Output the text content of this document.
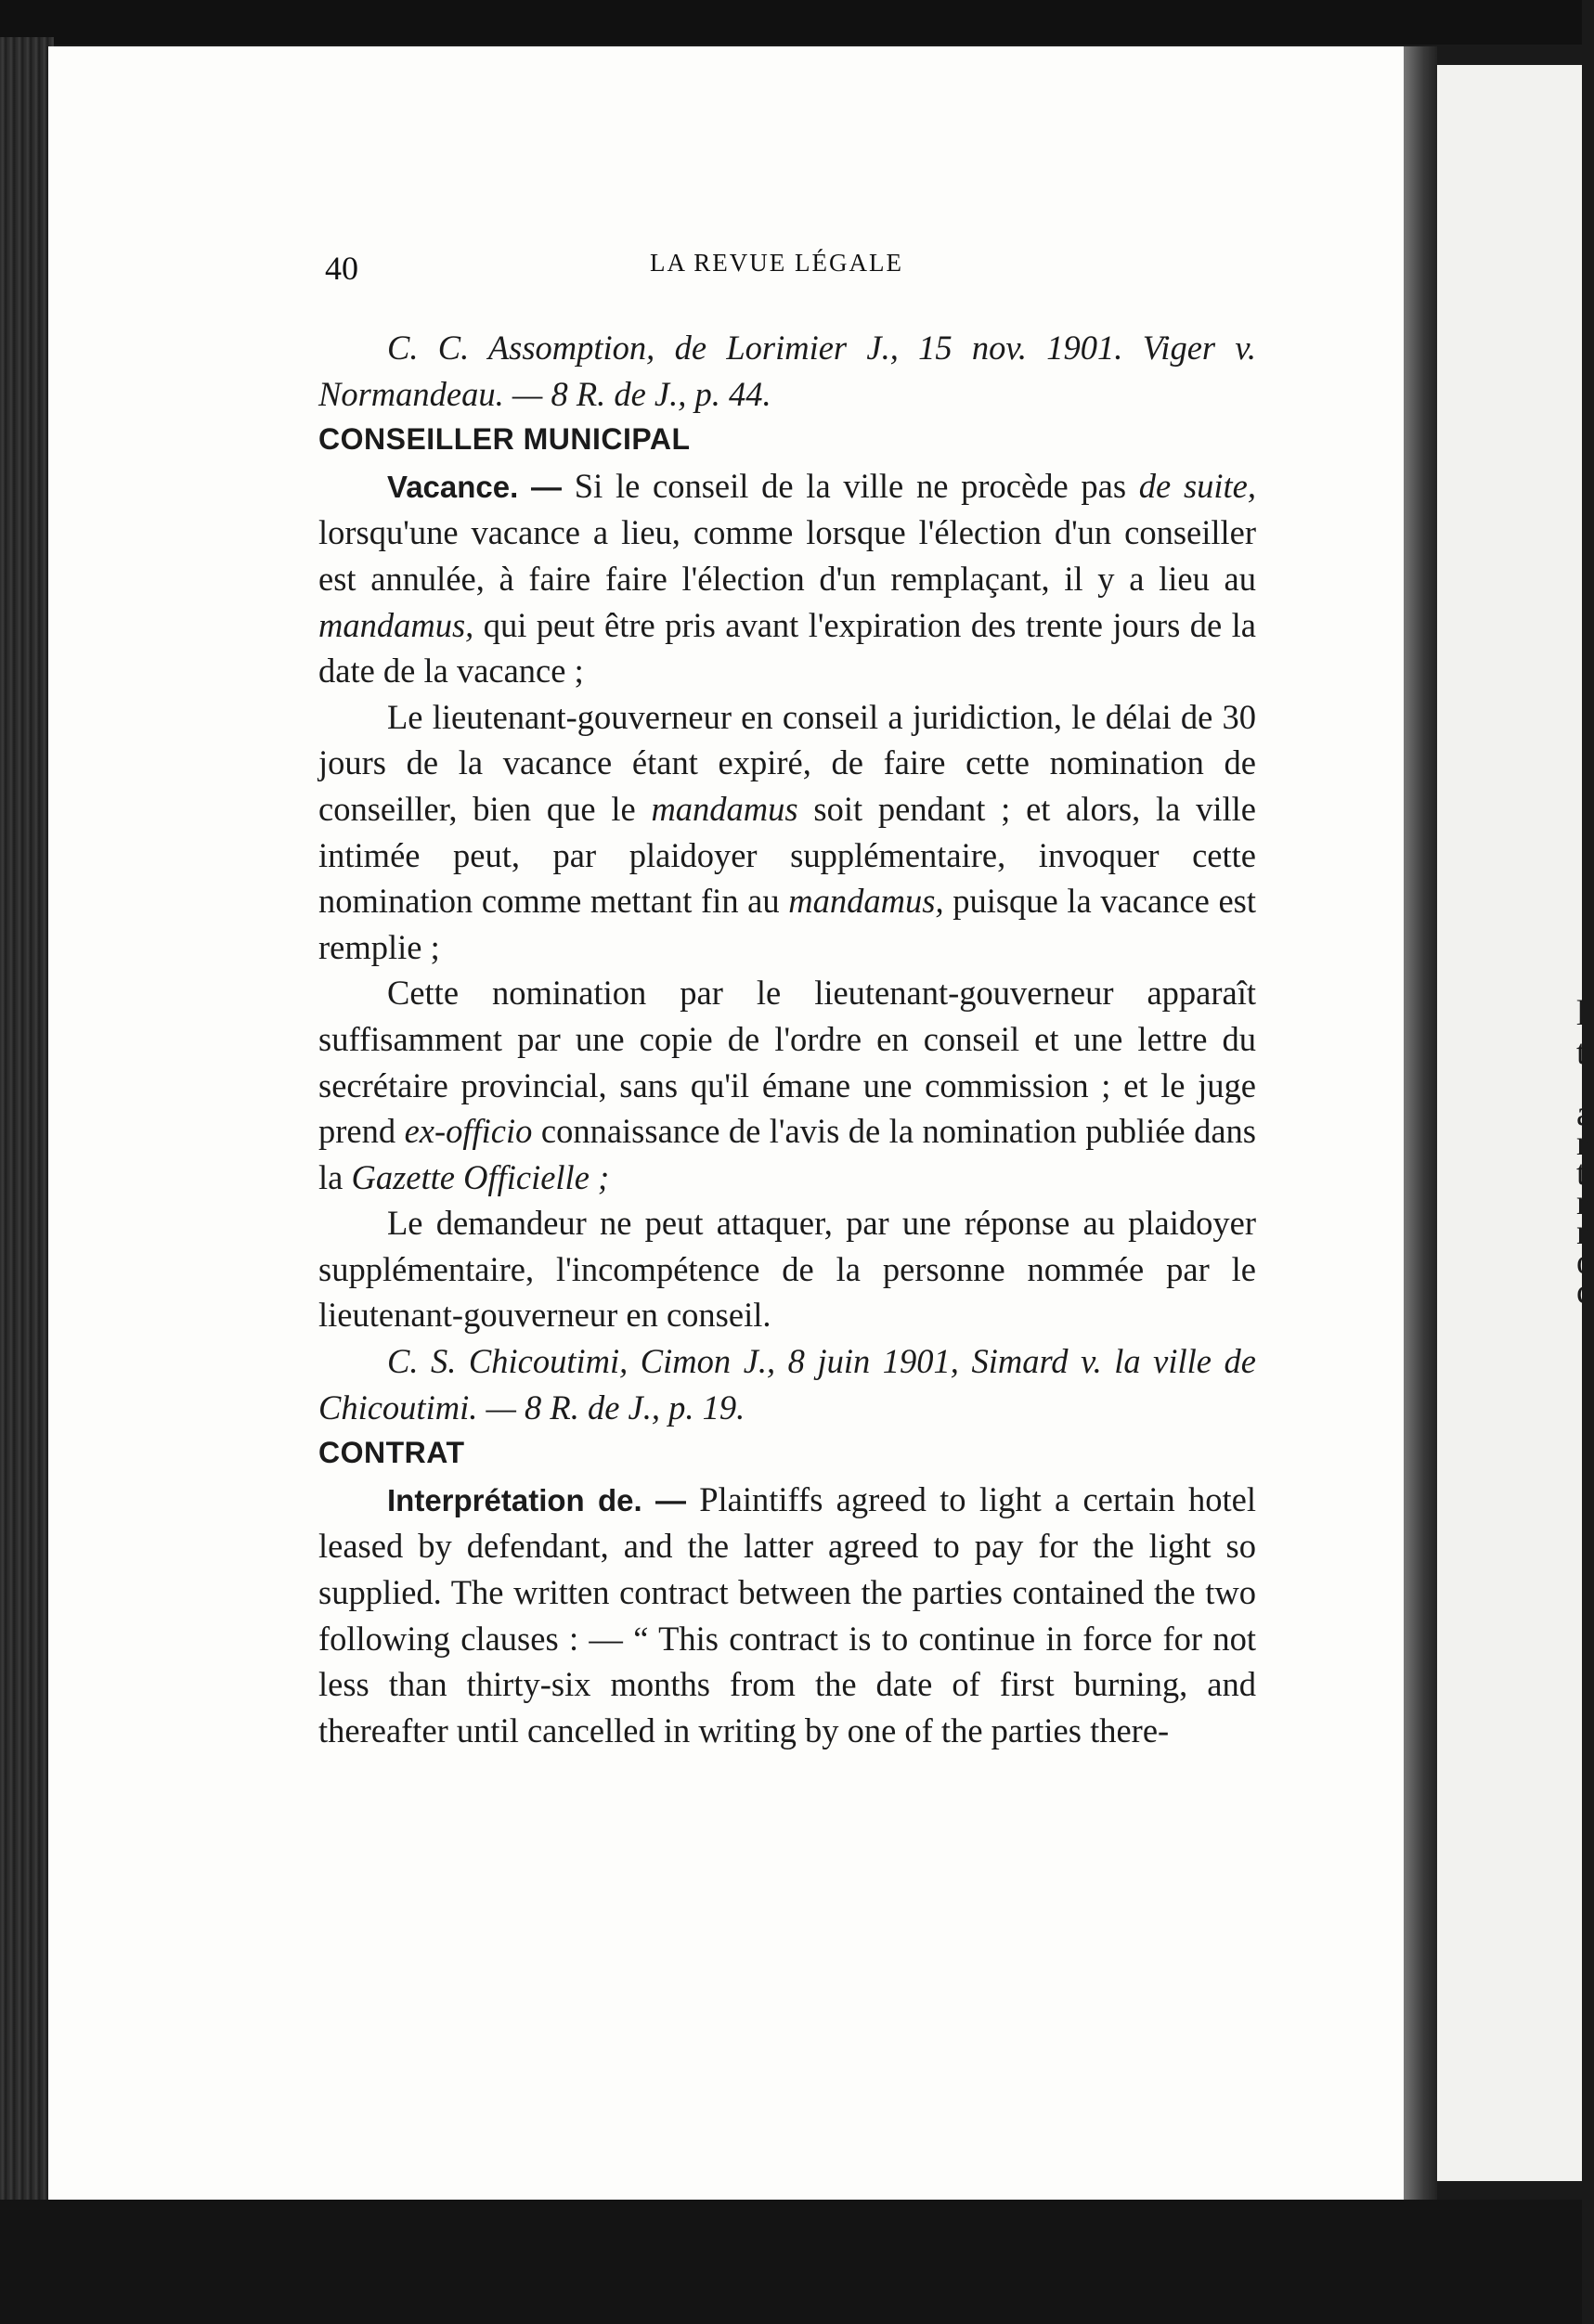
l
t
a
r
t
r
n
o
c
40	LA REVUE LÉGALE

C. C. Assomption, de Lorimier J., 15 nov. 1901. Viger v. Normandeau. — 8 R. de J., p. 44.

CONSEILLER MUNICIPAL

Vacance. — Si le conseil de la ville ne procède pas de suite, lorsqu'une vacance a lieu, comme lorsque l'élection d'un conseiller est annulée, à faire faire l'élection d'un remplaçant, il y a lieu au mandamus, qui peut être pris avant l'expiration des trente jours de la date de la vacance ;

Le lieutenant-gouverneur en conseil a juridiction, le délai de 30 jours de la vacance étant expiré, de faire cette nomination de conseiller, bien que le mandamus soit pendant ; et alors, la ville intimée peut, par plaidoyer supplémentaire, invoquer cette nomination comme mettant fin au mandamus, puisque la vacance est remplie ;

Cette nomination par le lieutenant-gouverneur apparaît suffisamment par une copie de l'ordre en conseil et une lettre du secrétaire provincial, sans qu'il émane une commission ; et le juge prend ex-officio connaissance de l'avis de la nomination publiée dans la Gazette Officielle ;

Le demandeur ne peut attaquer, par une réponse au plaidoyer supplémentaire, l'incompétence de la personne nommée par le lieutenant-gouverneur en conseil.

C. S. Chicoutimi, Cimon J., 8 juin 1901, Simard v. la ville de Chicoutimi. — 8 R. de J., p. 19.

CONTRAT

Interprétation de. — Plaintiffs agreed to light a certain hotel leased by defendant, and the latter agreed to pay for the light so supplied. The written contract between the parties contained the two following clauses : — “ This contract is to continue in force for not less than thirty-six months from the date of first burning, and thereafter until cancelled in writing by one of the parties there-
